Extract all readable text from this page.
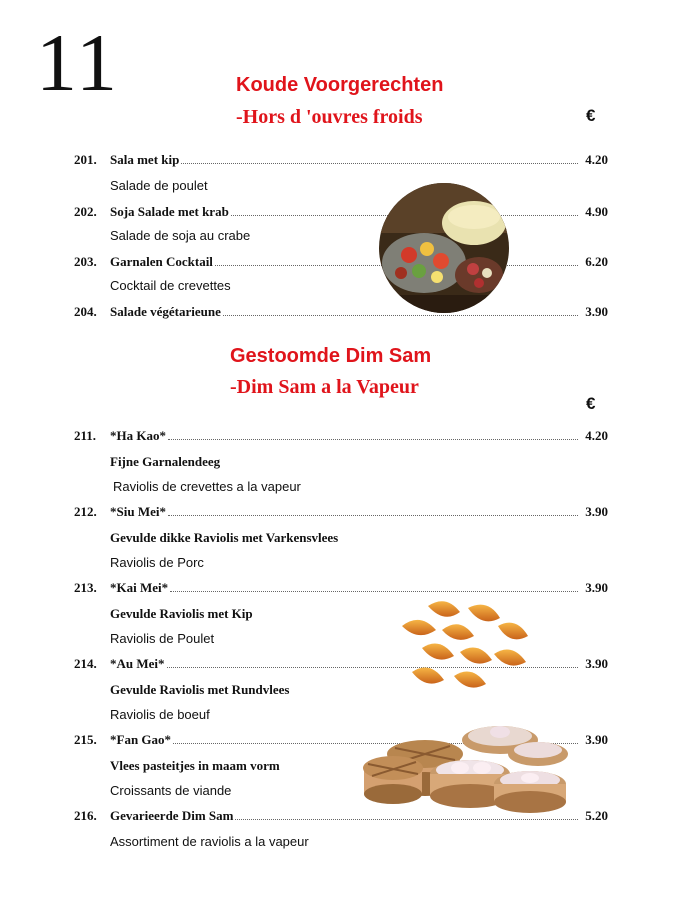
11	Koude Voorgerechten
-Hors d 'ouvres froids	€
201.	Sala met kip	4.20
Salade de poulet
202.	Soja Salade met krab	4.90
Salade de soja au crabe
203.	Garnalen Cocktail	6.20
Cocktail de crevettes
204.	Salade végétarieune	3.90
Gestoomde Dim Sam
-Dim Sam a la Vapeur
€
211.	*Ha Kao*	4.20
Fijne Garnalendeeg
Raviolis de crevettes a la vapeur
212.	*Siu Mei*	3.90
Gevulde dikke Raviolis met Varkensvlees
Raviolis de Porc
213.	*Kai Mei*	3.90
Gevulde Raviolis met Kip
Raviolis de Poulet
214.	*Au Mei*	3.90
Gevulde Raviolis met Rundvlees
Raviolis de boeuf
215.	*Fan Gao*	3.90
Vlees pasteitjes in maam vorm
Croissants de viande
216.	Gevarieerde Dim Sam	5.20
Assortiment de raviolis a la vapeur
